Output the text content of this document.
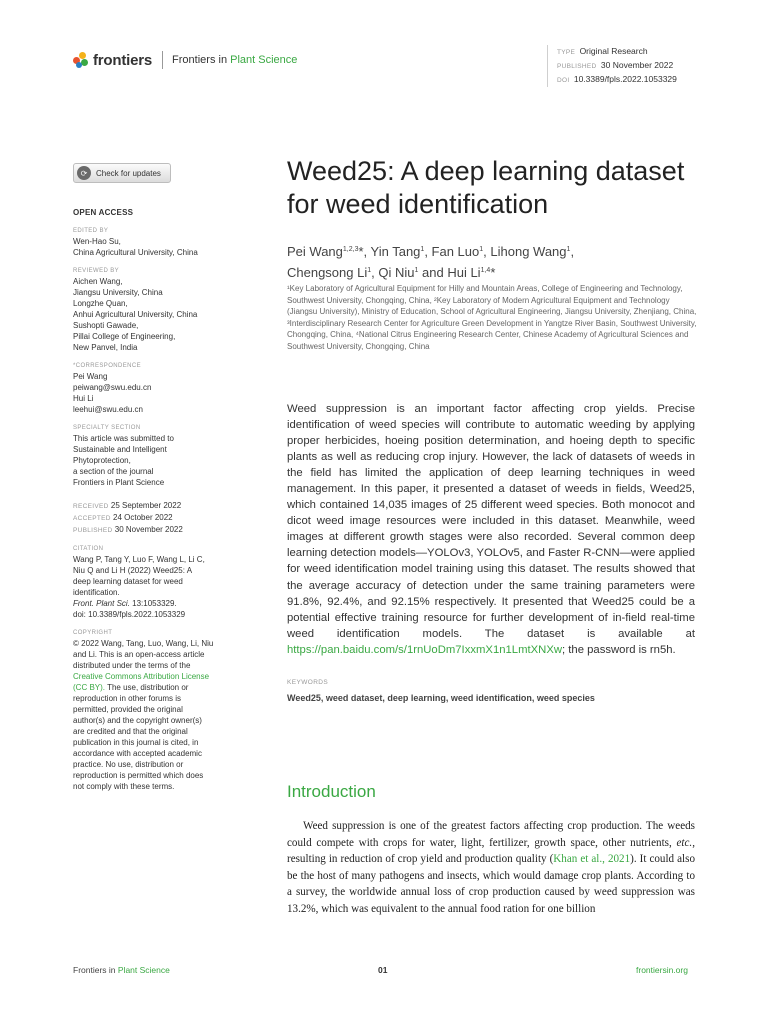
frontiers Frontiers in Plant Science
TYPE Original Research
PUBLISHED 30 November 2022
DOI 10.3389/fpls.2022.1053329
⟳	Check for updates
OPEN ACCESS
EDITED BY
Wen-Hao Su,
China Agricultural University, China
REVIEWED BY
Aichen Wang,
Jiangsu University, China
Longzhe Quan,
Anhui Agricultural University, China
Sushopti Gawade,
Pillai College of Engineering,
New Panvel, India
*CORRESPONDENCE
Pei Wang
peiwang@swu.edu.cn
Hui Li
leehui@swu.edu.cn
SPECIALTY SECTION
This article was submitted to
Sustainable and Intelligent
Phytoprotection,
a section of the journal
Frontiers in Plant Science
RECEIVED 25 September 2022
ACCEPTED 24 October 2022
PUBLISHED 30 November 2022
CITATION
Wang P, Tang Y, Luo F, Wang L, Li C,
Niu Q and Li H (2022) Weed25: A
deep learning dataset for weed
identification.
Front. Plant Sci. 13:1053329.
doi: 10.3389/fpls.2022.1053329
COPYRIGHT
© 2022 Wang, Tang, Luo, Wang, Li, Niu
and Li. This is an open-access article
distributed under the terms of the
Creative Commons Attribution License
(CC BY). The use, distribution or
reproduction in other forums is
permitted, provided the original
author(s) and the copyright owner(s)
are credited and that the original
publication in this journal is cited, in
accordance with accepted academic
practice. No use, distribution or
reproduction is permitted which does
not comply with these terms.
Weed25: A deep learning dataset for weed identification
Pei Wang$^{1,2,3}$*, Yin Tang$^1$, Fan Luo$^1$, Lihong Wang$^1$,
Chengsong Li$^1$, Qi Niu$^1$ and Hui Li$^{1,4}$*
¹Key Laboratory of Agricultural Equipment for Hilly and Mountain Areas, College of Engineering and Technology, Southwest University, Chongqing, China, ²Key Laboratory of Modern Agricultural Equipment and Technology (Jiangsu University), Ministry of Education, School of Agricultural Engineering, Jiangsu University, Zhenjiang, China, ³Interdisciplinary Research Center for Agriculture Green Development in Yangtze River Basin, Southwest University, Chongqing, China, ⁴National Citrus Engineering Research Center, Chinese Academy of Agricultural Sciences and Southwest University, Chongqing, China
Weed suppression is an important factor affecting crop yields. Precise identification of weed species will contribute to automatic weeding by applying proper herbicides, hoeing position determination, and hoeing depth to specific plants as well as reducing crop injury. However, the lack of datasets of weeds in the field has limited the application of deep learning techniques in weed management. In this paper, it presented a dataset of weeds in fields, Weed25, which contained 14,035 images of 25 different weed species. Both monocot and dicot weed image resources were included in this dataset. Meanwhile, weed images at different growth stages were also recorded. Several common deep learning detection models—YOLOv3, YOLOv5, and Faster R-CNN—were applied for weed identification model training using this dataset. The results showed that the average accuracy of detection under the same training parameters were 91.8%, 92.4%, and 92.15% respectively. It presented that Weed25 could be a potential effective training resource for further development of in-field real-time weed identification models. The dataset is available at https://pan.baidu.com/s/1rnUoDm7IxxmX1n1LmtXNXw; the password is rn5h.
KEYWORDS
Weed25, weed dataset, deep learning, weed identification, weed species
Introduction
Weed suppression is one of the greatest factors affecting crop production. The weeds could compete with crops for water, light, fertilizer, growth space, other nutrients, etc., resulting in reduction of crop yield and production quality (Khan et al., 2021). It could also be the host of many pathogens and insects, which would damage crop plants. According to a survey, the worldwide annual loss of crop production caused by weed suppression was 13.2%, which was equivalent to the annual food ration for one billion
Frontiers in Plant Science	01	frontiersin.org
